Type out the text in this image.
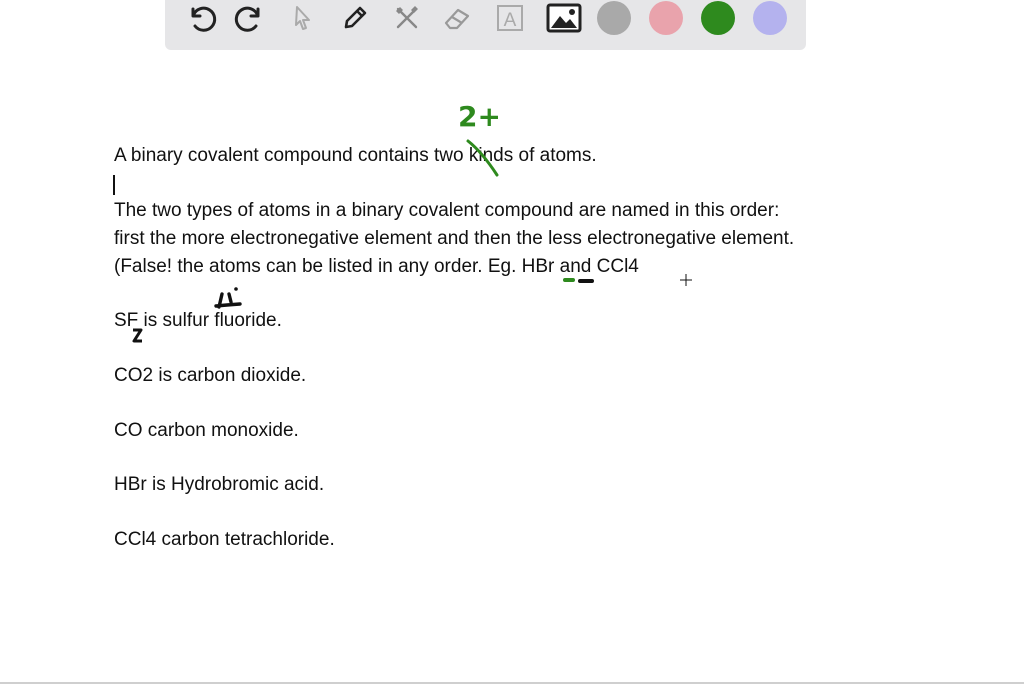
A
A binary covalent compound contains two kinds of atoms.
The two types of atoms in a binary covalent compound are named in this order:
first the more electronegative element and then the less electronegative element.
(False! the atoms can be listed in any order. Eg. HBr and CCl4
SF is sulfur fluoride.
CO2 is carbon dioxide.
CO carbon monoxide.
HBr is Hydrobromic acid.
CCl4 carbon tetrachloride.
2+
